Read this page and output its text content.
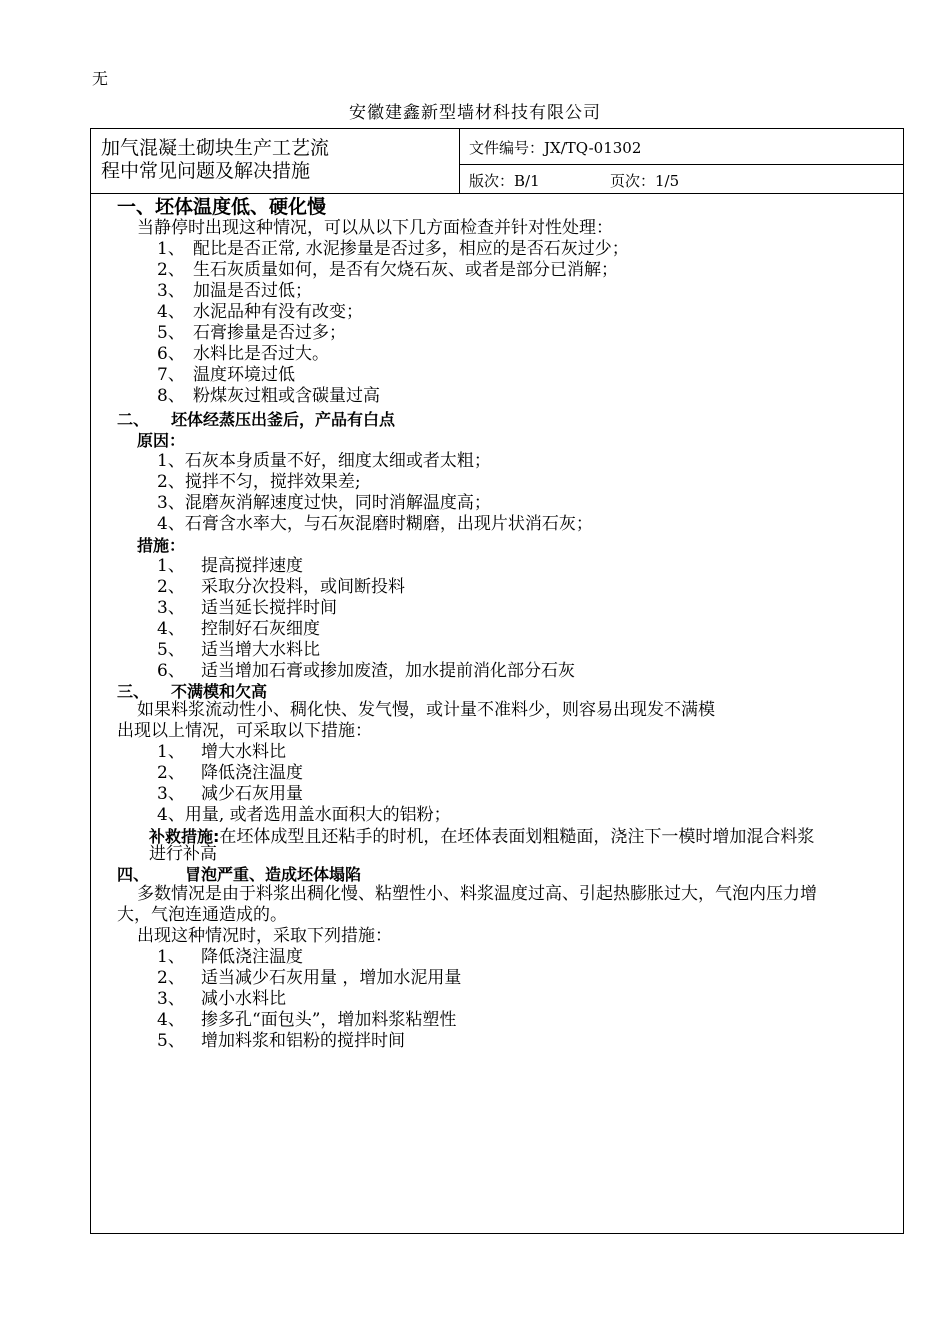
无
安徽建鑫新型墙材科技有限公司
加气混凝土砌块生产工艺流
程中常见问题及解决措施
文件编号：JX/TQ-01302
版次：B/1	页次：1/5
一、坯体温度低、硬化慢
当静停时出现这种情况，可以从以下几方面检查并针对性处理：
1、 配比是否正常, 水泥掺量是否过多，相应的是否石灰过少；
2、 生石灰质量如何，是否有欠烧石灰、或者是部分已消解；
3、 加温是否过低；
4、 水泥品种有没有改变；
5、 石膏掺量是否过多；
6、 水料比是否过大。
7、 温度环境过低
8、 粉煤灰过粗或含碳量过高
二、 坯体经蒸压出釜后，产品有白点
原因：
1、石灰本身质量不好，细度太细或者太粗；
2、搅拌不匀，搅拌效果差;
3、混磨灰消解速度过快，同时消解温度高；
4、石膏含水率大，与石灰混磨时糊磨，出现片状消石灰；
措施：
1、 提高搅拌速度
2、 采取分次投料，或间断投料
3、 适当延长搅拌时间
4、 控制好石灰细度
5、 适当增大水料比
6、 适当增加石膏或掺加废渣，加水提前消化部分石灰
三、 不满模和欠高
如果料浆流动性小、稠化快、发气慢，或计量不准料少，则容易出现发不满模
出现以上情况，可采取以下措施：
1、 增大水料比
2、 降低浇注温度
3、 减少石灰用量
4、用量, 或者选用盖水面积大的铝粉；
补救措施:在坯体成型且还粘手的时机，在坯体表面划粗糙面，浇注下一模时增加混合料浆
进行补高
四、 冒泡严重、造成坯体塌陷
多数情况是由于料浆出稠化慢、粘塑性小、料浆温度过高、引起热膨胀过大，气泡内压力增
大，气泡连通造成的。
出现这种情况时，采取下列措施：
1、 降低浇注温度
2、 适当减少石灰用量 ，增加水泥用量
3、 减小水料比
4、 掺多孔“面包头”，增加料浆粘塑性
5、 增加料浆和铝粉的搅拌时间
